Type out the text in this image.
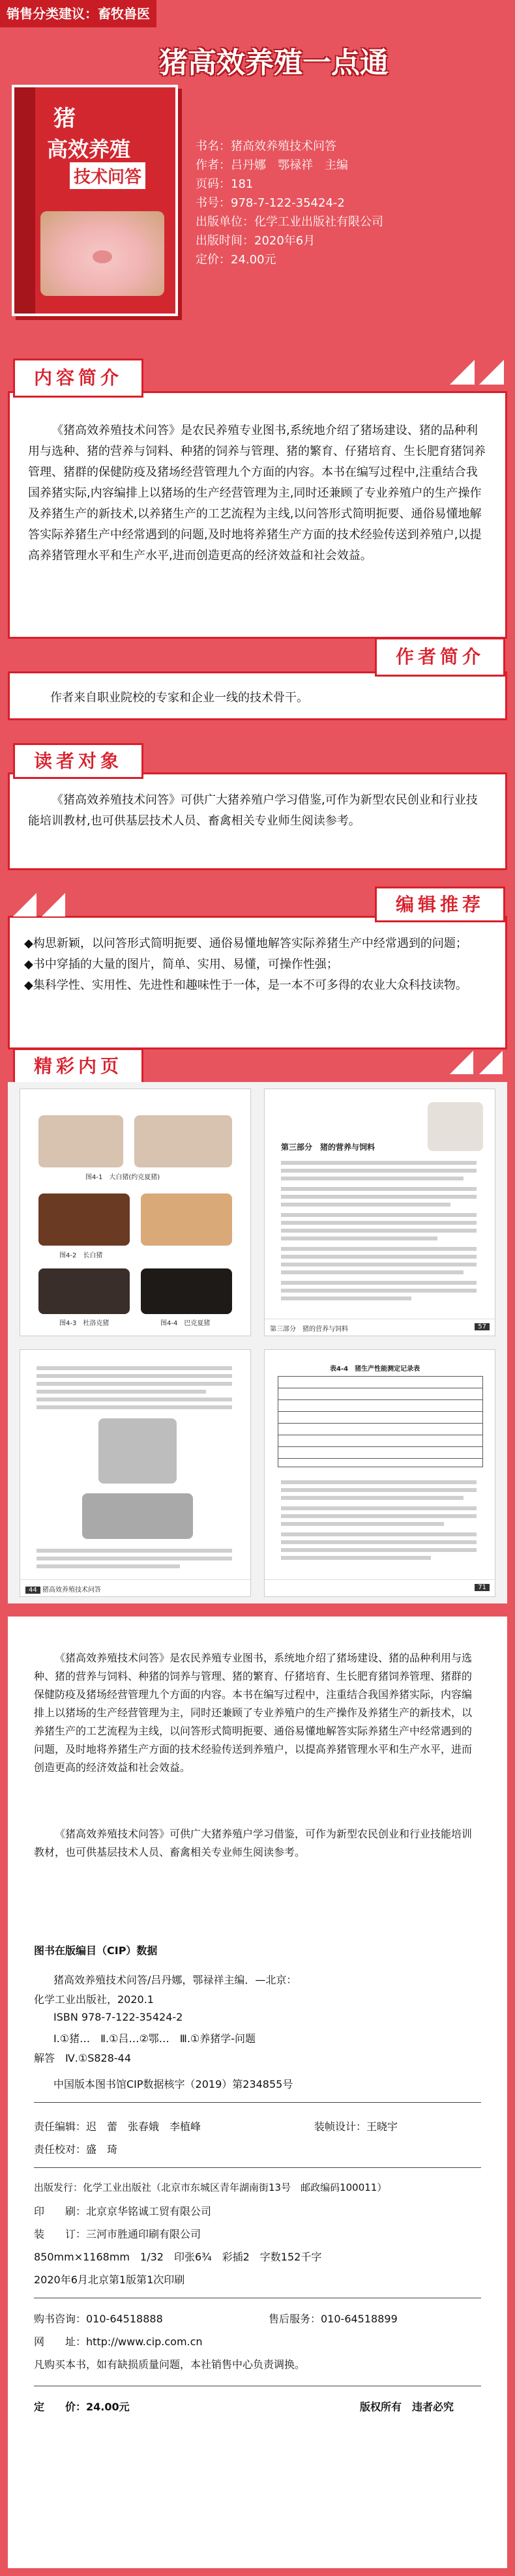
销售分类建议：畜牧兽医
猪高效养殖一点通
猪
高效养殖
技术问答
书名：猪高效养殖技术问答
作者：吕丹娜　鄂禄祥　主编
页码：181
书号：978-7-122-35424-2
出版单位：化学工业出版社有限公司
出版时间：2020年6月
定价：24.00元
《猪高效养殖技术问答》是农民养殖专业图书,系统地介绍了猪场建设、猪的品种利用与选种、猪的营养与饲料、种猪的饲养与管理、猪的繁育、仔猪培育、生长肥育猪饲养管理、猪群的保健防疫及猪场经营管理九个方面的内容。本书在编写过程中,注重结合我国养猪实际,内容编排上以猪场的生产经营管理为主,同时还兼顾了专业养殖户的生产操作及养猪生产的新技术,以养猪生产的工艺流程为主线,以问答形式简明扼要、通俗易懂地解答实际养猪生产中经常遇到的问题,及时地将养猪生产方面的技术经验传送到养殖户,以提高养猪管理水平和生产水平,进而创造更高的经济效益和社会效益。
内容简介
作者来自职业院校的专家和企业一线的技术骨干。
作者简介
《猪高效养殖技术问答》可供广大猪养殖户学习借鉴,可作为新型农民创业和行业技能培训教材,也可供基层技术人员、畜禽相关专业师生阅读参考。
读者对象
◆构思新颖，以问答形式简明扼要、通俗易懂地解答实际养猪生产中经常遇到的问题；
◆书中穿插的大量的图片，简单、实用、易懂，可操作性强；
◆集科学性、实用性、先进性和趣味性于一体，是一本不可多得的农业大众科技读物。
编辑推荐
精彩内页
图4-1　大白猪(约克夏猪)
图4-2　长白猪
图4-3　杜洛克猪	图4-4　巴克夏猪
第三部分　猪的营养与饲料
第三部分　猪的营养与饲料	57
44 猪高效养殖技术问答
表4-4　猪生产性能测定记录表
71
《猪高效养殖技术问答》是农民养殖专业图书，系统地介绍了猪场建设、猪的品种利用与选种、猪的营养与饲料、种猪的饲养与管理、猪的繁育、仔猪培育、生长肥育猪饲养管理、猪群的保健防疫及猪场经营管理九个方面的内容。本书在编写过程中，注重结合我国养猪实际，内容编排上以猪场的生产经营管理为主，同时还兼顾了专业养殖户的生产操作及养猪生产的新技术，以养猪生产的工艺流程为主线，以问答形式简明扼要、通俗易懂地解答实际养猪生产中经常遇到的问题，及时地将养猪生产方面的技术经验传送到养殖户，以提高养猪管理水平和生产水平，进而创造更高的经济效益和社会效益。
《猪高效养殖技术问答》可供广大猪养殖户学习借鉴，可作为新型农民创业和行业技能培训教材，也可供基层技术人员、畜禽相关专业师生阅读参考。
图书在版编目（CIP）数据
猪高效养殖技术问答/吕丹娜，鄂禄祥主编．—北京：
化学工业出版社，2020.1
ISBN 978-7-122-35424-2
Ⅰ.①猪…　Ⅱ.①吕…②鄂…　Ⅲ.①养猪学-问题
解答　Ⅳ.①S828-44
中国版本图书馆CIP数据核字（2019）第234855号
责任编辑：迟　蕾　张春娥　李植峰	装帧设计：王晓宇
责任校对：盛　琦
出版发行：化学工业出版社（北京市东城区青年湖南街13号　邮政编码100011）
印　　刷：北京京华铭诚工贸有限公司
装　　订：三河市胜通印刷有限公司
850mm×1168mm　1/32　印张6¾　彩插2　字数152千字
2020年6月北京第1版第1次印刷
购书咨询：010-64518888	售后服务：010-64518899
网　　址：http://www.cip.com.cn
凡购买本书，如有缺损质量问题，本社销售中心负责调换。
定　　价：24.00元	版权所有　违者必究
